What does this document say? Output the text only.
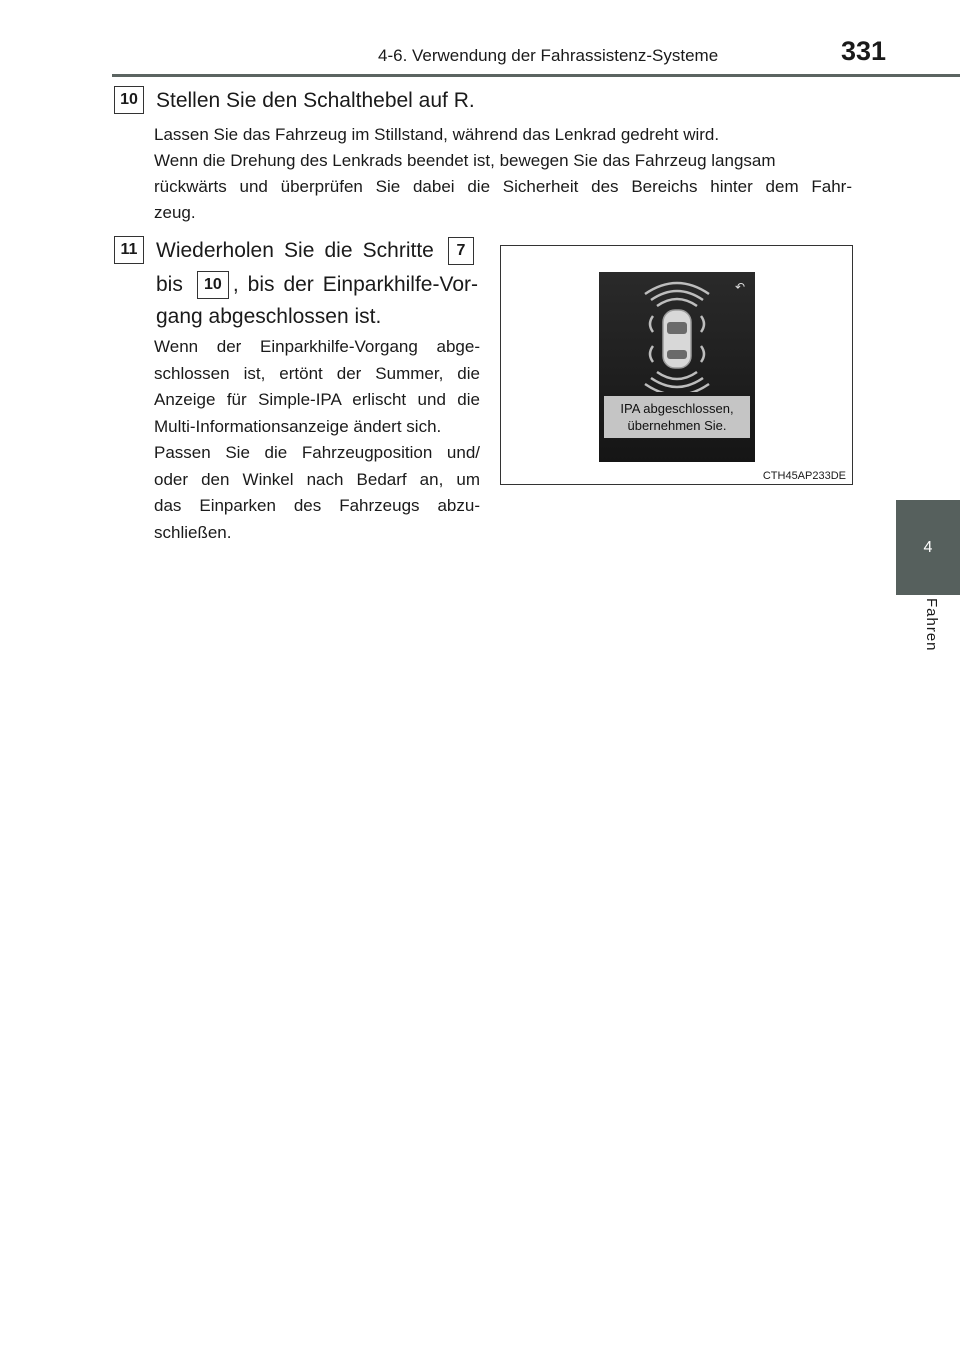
4-6. Verwendung der Fahrassistenz-Systeme	331
4
Fahren
10 Stellen Sie den Schalthebel auf R.

Lassen Sie das Fahrzeug im Stillstand, während das Lenkrad gedreht wird.

Wenn die Drehung des Lenkrads beendet ist, bewegen Sie das Fahrzeug langsam

rückwärts und überprüfen Sie dabei die Sicherheit des Bereichs hinter dem Fahr-

zeug.

11 Wiederholen Sie die Schritte 7
bis	10 , bis der Einparkhilfe-Vor-
gang abgeschlossen ist.

Wenn der Einparkhilfe-Vorgang abge-

schlossen ist, ertönt der Summer, die

Anzeige für Simple-IPA erlischt und die

Multi-Informationsanzeige ändert sich.

Passen Sie die Fahrzeugposition und/

oder den Winkel nach Bedarf an, um

das Einparken des Fahrzeugs abzu-

schließen.

↶
IPA abgeschlossen,
übernehmen Sie.
CTH45AP233DE
